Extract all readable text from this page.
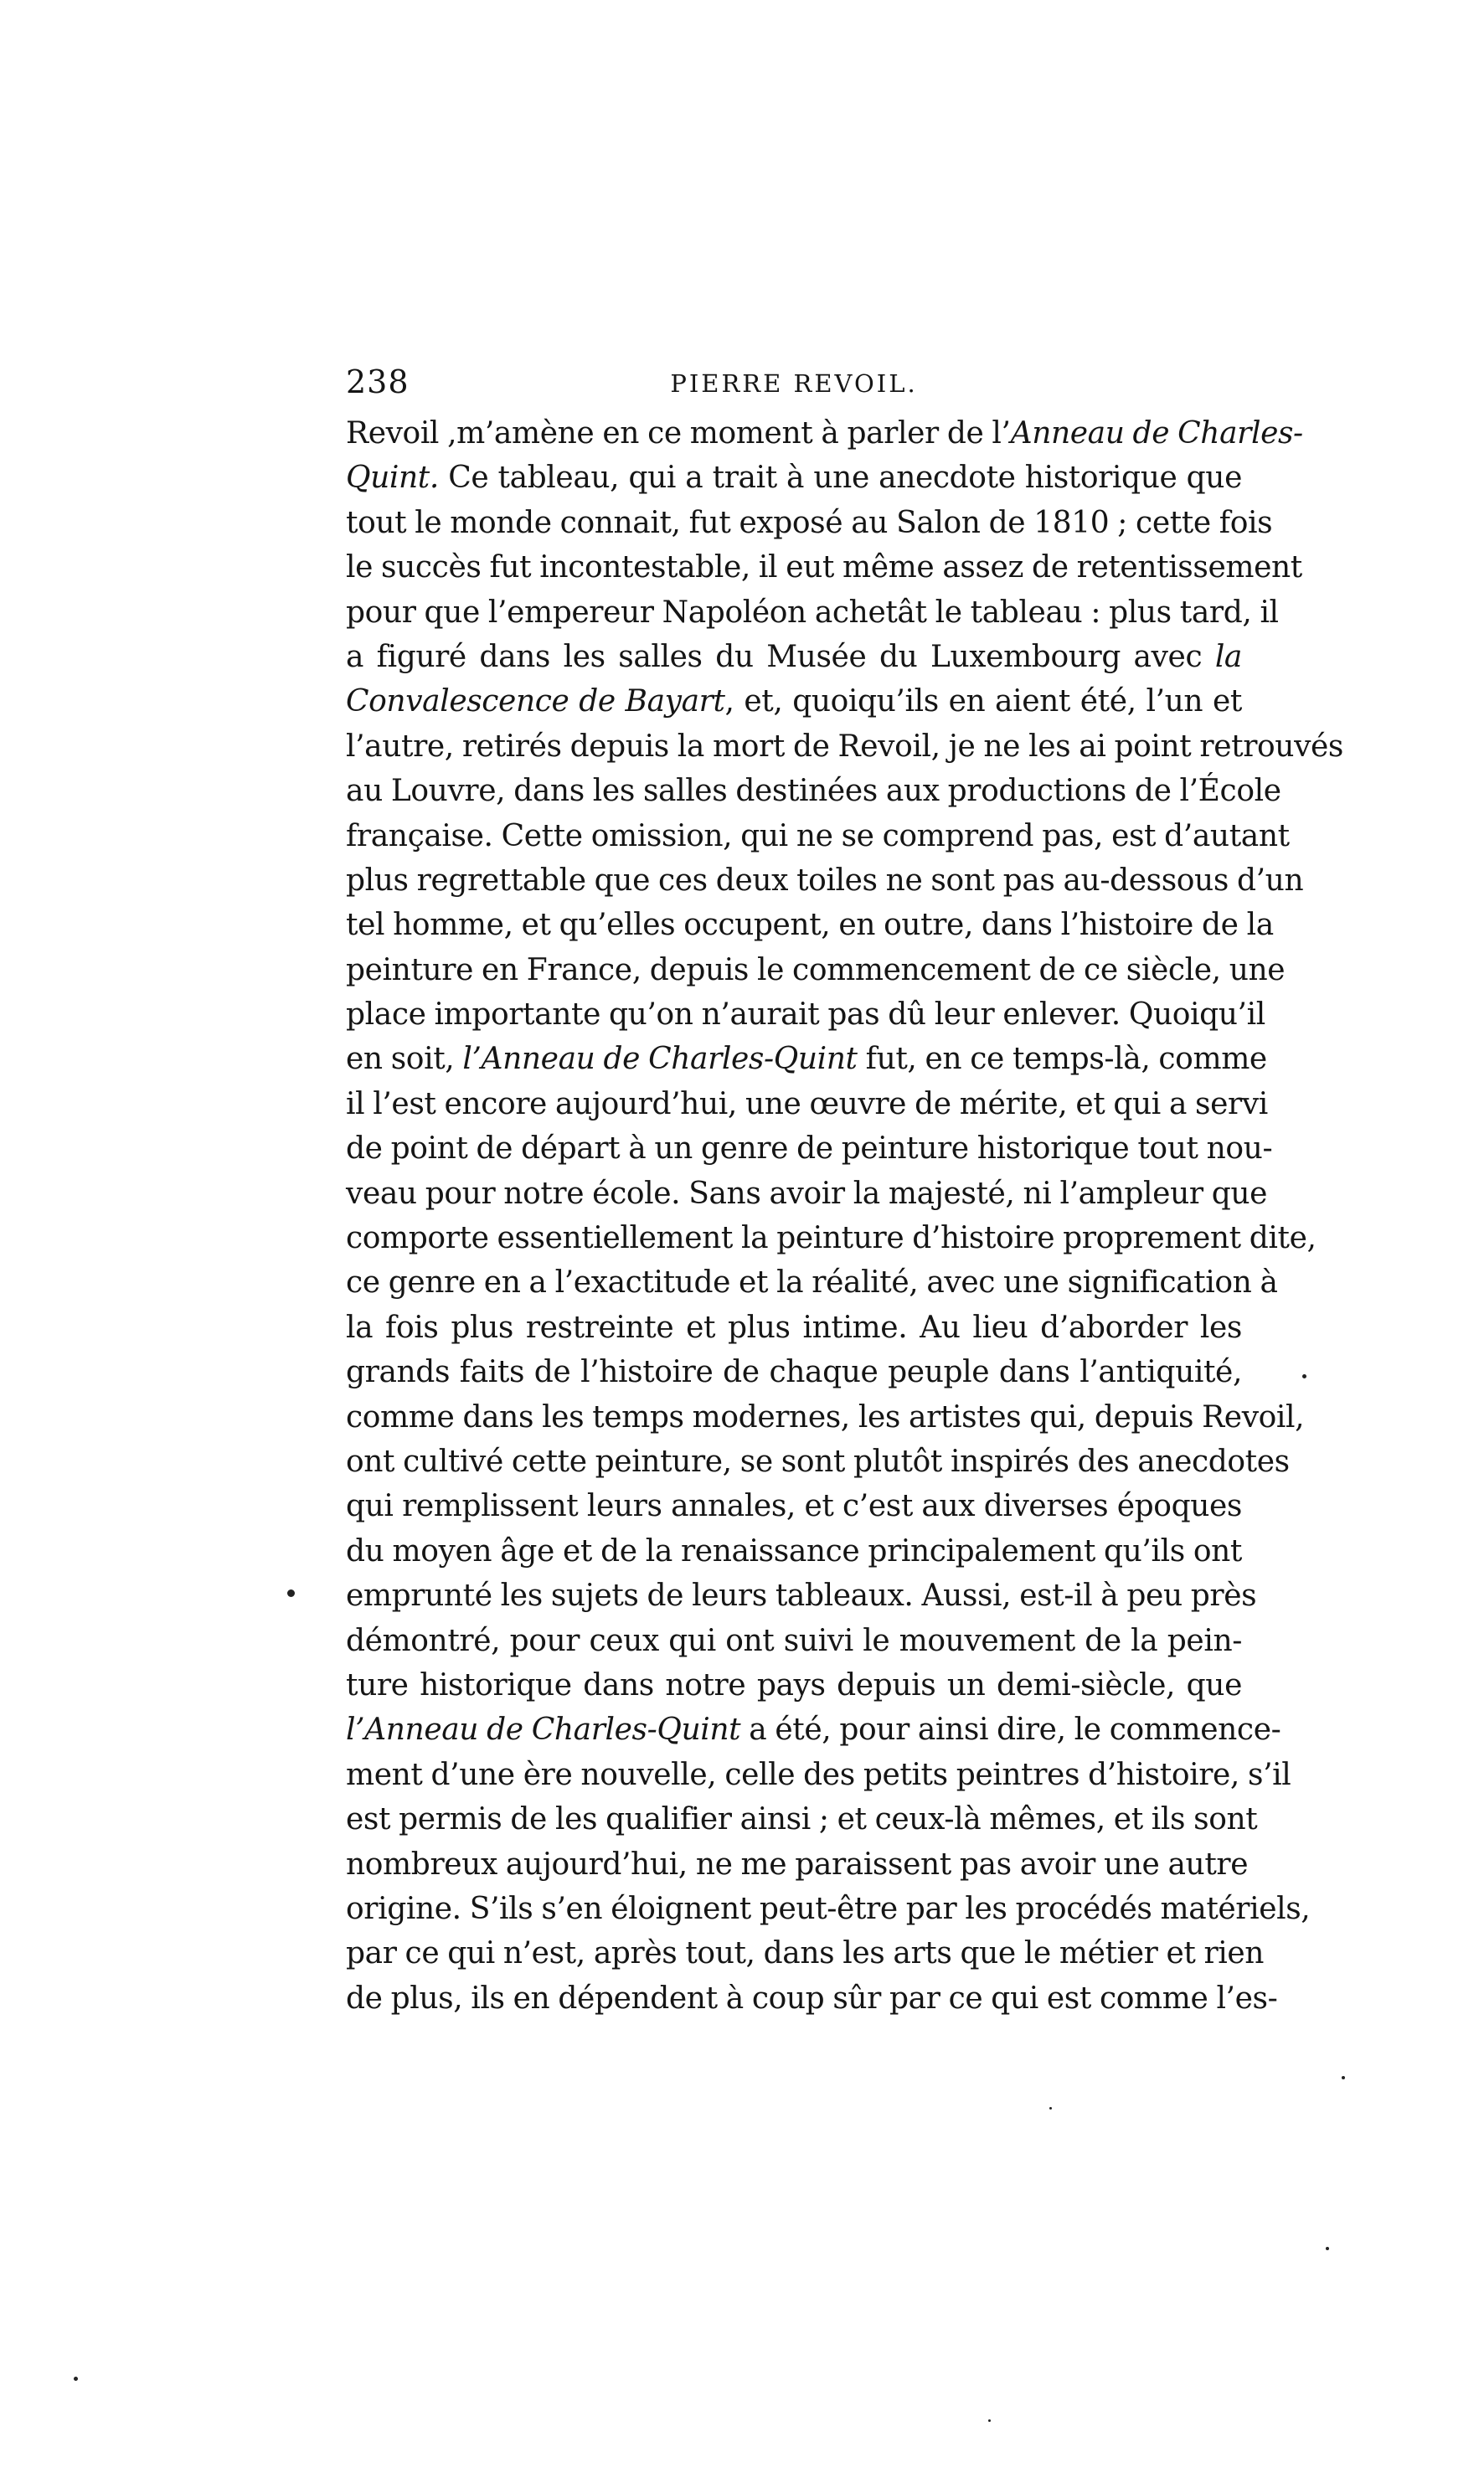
238	PIERRE REVOIL.
Revoil ,m’amène en ce moment à parler de l’Anneau de Charles-
Quint. Ce tableau, qui a trait à une anecdote historique que
tout le monde connait, fut exposé au Salon de 1810 ; cette fois
le succès fut incontestable, il eut même assez de retentissement
pour que l’empereur Napoléon achetât le tableau : plus tard, il
a figuré dans les salles du Musée du Luxembourg avec la
Convalescence de Bayart, et, quoiqu’ils en aient été, l’un et
l’autre, retirés depuis la mort de Revoil, je ne les ai point retrouvés
au Louvre, dans les salles destinées aux productions de l’École
française. Cette omission, qui ne se comprend pas, est d’autant
plus regrettable que ces deux toiles ne sont pas au-dessous d’un
tel homme, et qu’elles occupent, en outre, dans l’histoire de la
peinture en France, depuis le commencement de ce siècle, une
place importante qu’on n’aurait pas dû leur enlever. Quoiqu’il
en soit, l’Anneau de Charles-Quint fut, en ce temps-là, comme
il l’est encore aujourd’hui, une œuvre de mérite, et qui a servi
de point de départ à un genre de peinture historique tout nou-
veau pour notre école. Sans avoir la majesté, ni l’ampleur que
comporte essentiellement la peinture d’histoire proprement dite,
ce genre en a l’exactitude et la réalité, avec une signification à
la fois plus restreinte et plus intime. Au lieu d’aborder les
grands faits de l’histoire de chaque peuple dans l’antiquité,
comme dans les temps modernes, les artistes qui, depuis Revoil,
ont cultivé cette peinture, se sont plutôt inspirés des anecdotes
qui remplissent leurs annales, et c’est aux diverses époques
du moyen âge et de la renaissance principalement qu’ils ont
emprunté les sujets de leurs tableaux. Aussi, est-il à peu près
démontré, pour ceux qui ont suivi le mouvement de la pein-
ture historique dans notre pays depuis un demi-siècle, que
l’Anneau de Charles-Quint a été, pour ainsi dire, le commence-
ment d’une ère nouvelle, celle des petits peintres d’histoire, s’il
est permis de les qualifier ainsi ; et ceux-là mêmes, et ils sont
nombreux aujourd’hui, ne me paraissent pas avoir une autre
origine. S’ils s’en éloignent peut-être par les procédés matériels,
par ce qui n’est, après tout, dans les arts que le métier et rien
de plus, ils en dépendent à coup sûr par ce qui est comme l’es-
